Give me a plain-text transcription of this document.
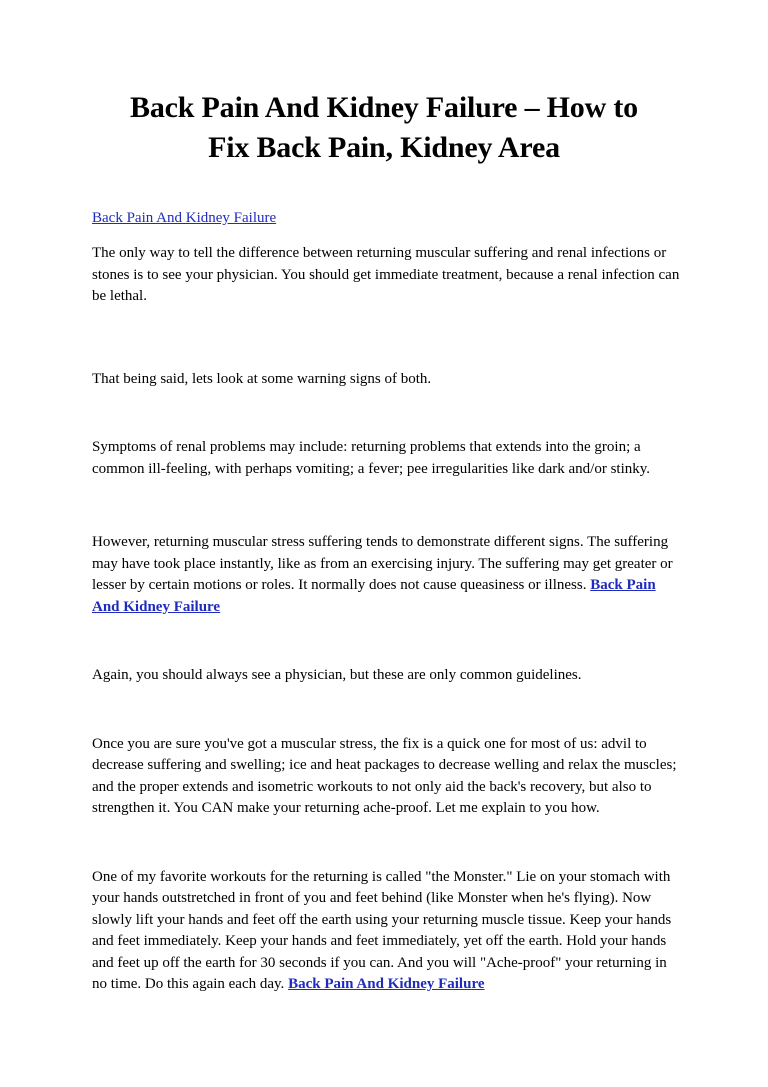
Back Pain And Kidney Failure – How to
Fix Back Pain, Kidney Area
Back Pain And Kidney Failure

The only way to tell the difference between returning muscular suffering and renal infections or stones is to see your physician. You should get immediate treatment, because a renal infection can be lethal.

That being said, lets look at some warning signs of both.

Symptoms of renal problems may include: returning problems that extends into the groin; a common ill-feeling, with perhaps vomiting; a fever; pee irregularities like dark and/or stinky.

However, returning muscular stress suffering tends to demonstrate different signs. The suffering may have took place instantly, like as from an exercising injury. The suffering may get greater or lesser by certain motions or roles. It normally does not cause queasiness or illness. Back Pain And Kidney Failure

Again, you should always see a physician, but these are only common guidelines.

Once you are sure you've got a muscular stress, the fix is a quick one for most of us: advil to decrease suffering and swelling; ice and heat packages to decrease welling and relax the muscles; and the proper extends and isometric workouts to not only aid the back's recovery, but also to strengthen it. You CAN make your returning ache-proof. Let me explain to you how.

One of my favorite workouts for the returning is called "the Monster." Lie on your stomach with your hands outstretched in front of you and feet behind (like Monster when he's flying). Now slowly lift your hands and feet off the earth using your returning muscle tissue. Keep your hands and feet immediately. Keep your hands and feet immediately, yet off the earth. Hold your hands and feet up off the earth for 30 seconds if you can. And you will "Ache-proof" your returning in no time. Do this again each day. Back Pain And Kidney Failure
